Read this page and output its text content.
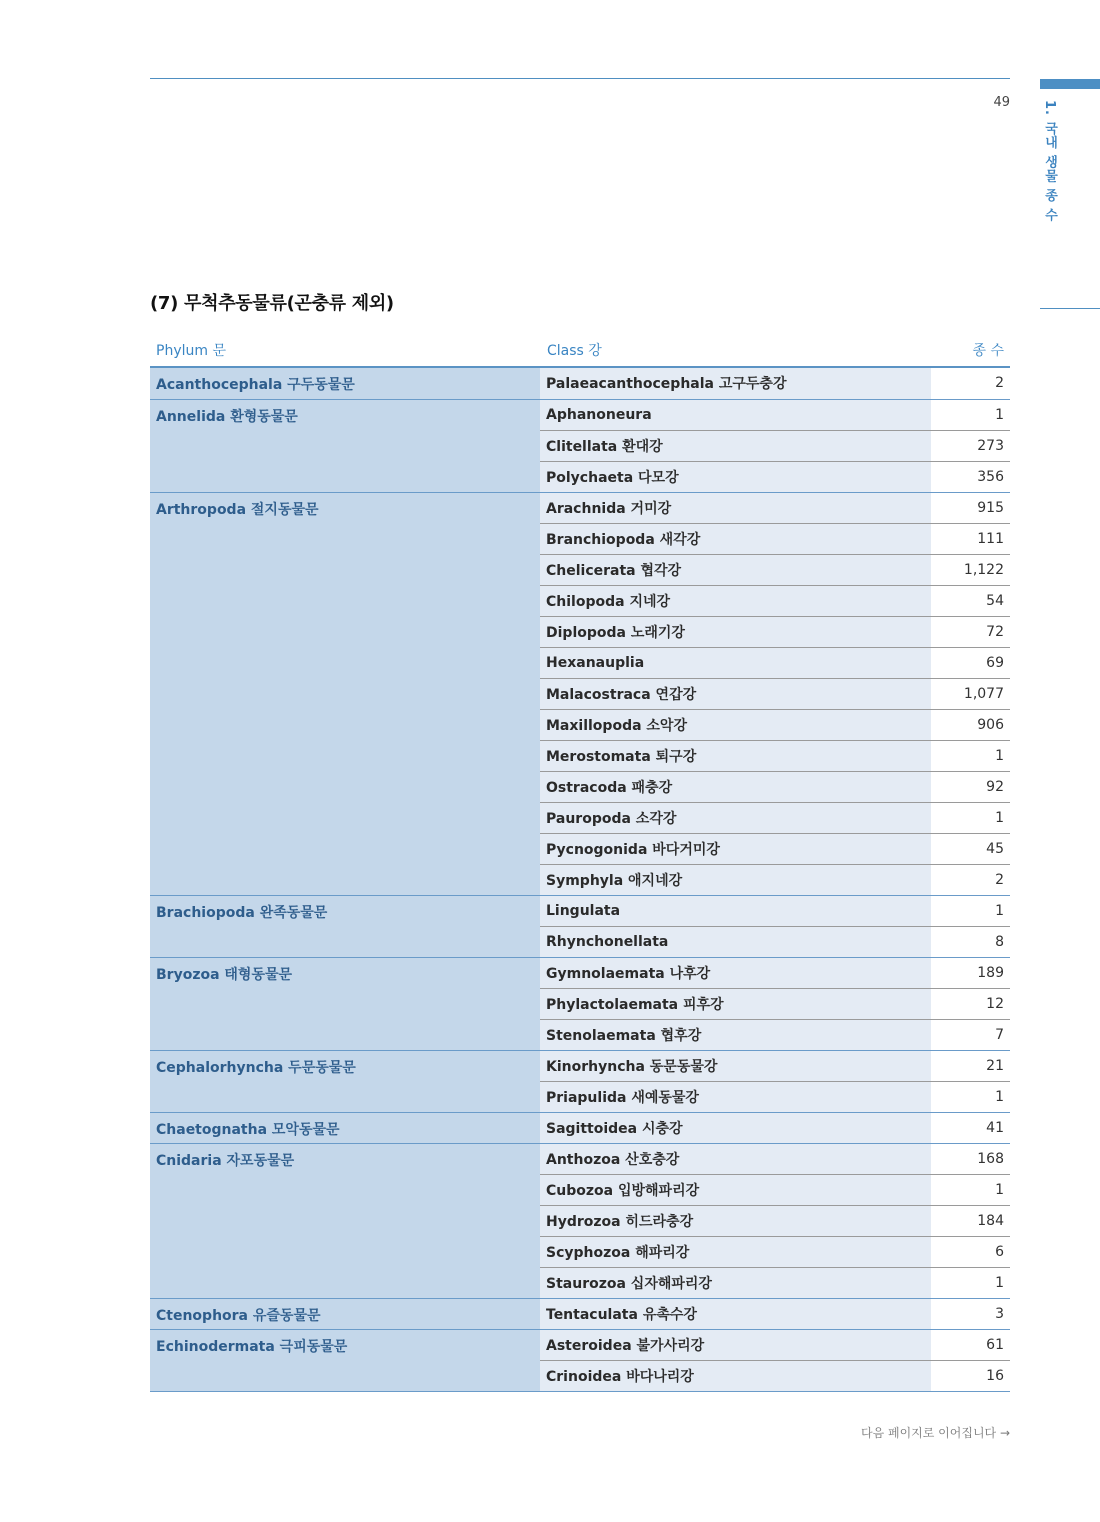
49	1. 국내 생물 종 수
(7) 무척추동물류(곤충류 제외)
Phylum 문	Class 강	종 수
Acanthocephala 구두동물문	Palaeacanthocephala 고구두충강	2
Annelida 환형동물문	Aphanoneura	1
	Clitellata 환대강	273
	Polychaeta 다모강	356
Arthropoda 절지동물문	Arachnida 거미강	915
	Branchiopoda 새각강	111
	Chelicerata 협각강	1,122
	Chilopoda 지네강	54
	Diplopoda 노래기강	72
	Hexanauplia	69
	Malacostraca 연갑강	1,077
	Maxillopoda 소악강	906
	Merostomata 퇴구강	1
	Ostracoda 패충강	92
	Pauropoda 소각강	1
	Pycnogonida 바다거미강	45
	Symphyla 애지네강	2
Brachiopoda 완족동물문	Lingulata	1
	Rhynchonellata	8
Bryozoa 태형동물문	Gymnolaemata 나후강	189
	Phylactolaemata 피후강	12
	Stenolaemata 협후강	7
Cephalorhyncha 두문동물문	Kinorhyncha 동문동물강	21
	Priapulida 새예동물강	1
Chaetognatha 모악동물문	Sagittoidea 시충강	41
Cnidaria 자포동물문	Anthozoa 산호충강	168
	Cubozoa 입방해파리강	1
	Hydrozoa 히드라충강	184
	Scyphozoa 해파리강	6
	Staurozoa 십자해파리강	1
Ctenophora 유즐동물문	Tentaculata 유촉수강	3
Echinodermata 극피동물문	Asteroidea 불가사리강	61
	Crinoidea 바다나리강	16
다음 페이지로 이어집니다 →
